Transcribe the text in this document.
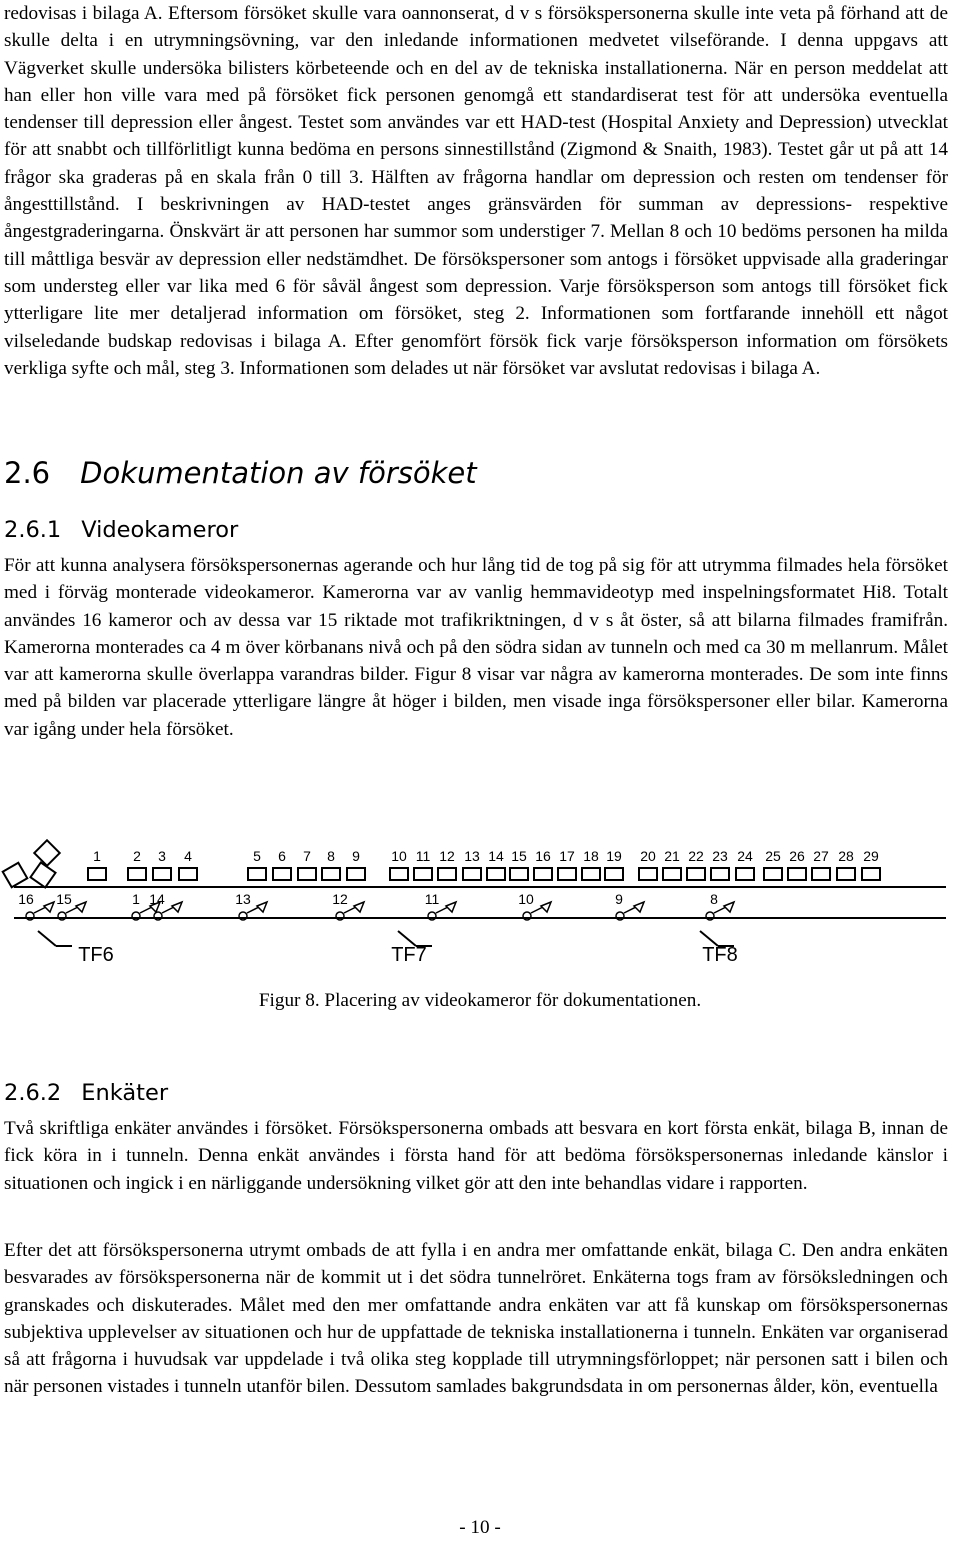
redovisas i bilaga A. Eftersom försöket skulle vara oannonserat, d v s försökspersonerna skulle inte veta på förhand att de skulle delta i en utrymningsövning, var den inledande informationen medvetet vilseförande. I denna uppgavs att Vägverket skulle undersöka bilisters körbeteende och en del av de tekniska installationerna. När en person meddelat att han eller hon ville vara med på försöket fick personen genomgå ett standardiserat test för att undersöka eventuella tendenser till depression eller ångest. Testet som användes var ett HAD-test (Hospital Anxiety and Depression) utvecklat för att snabbt och tillförlitligt kunna bedöma en persons sinnestillstånd (Zigmond & Snaith, 1983). Testet går ut på att 14 frågor ska graderas på en skala från 0 till 3. Hälften av frågorna handlar om depression och resten om tendenser för ångesttillstånd. I beskrivningen av HAD-testet anges gränsvärden för summan av depressions- respektive ångestgraderingarna. Önskvärt är att personen har summor som understiger 7. Mellan 8 och 10 bedöms personen ha milda till måttliga besvär av depression eller nedstämdhet. De försökspersoner som antogs i försöket uppvisade alla graderingar som understeg eller var lika med 6 för såväl ångest som depression. Varje försöksperson som antogs till försöket fick ytterligare lite mer detaljerad information om försöket, steg 2. Informationen som fortfarande innehöll ett något vilseledande budskap redovisas i bilaga A. Efter genomfört försök fick varje försöksperson information om försökets verkliga syfte och mål, steg 3. Informationen som delades ut när försöket var avslutat redovisas i bilaga A.

2.6 Dokumentation av försöket
2.6.1 Videokameror

För att kunna analysera försökspersonernas agerande och hur lång tid de tog på sig för att utrymma filmades hela försöket med i förväg monterade videokameror. Kamerorna var av vanlig hemmavideotyp med inspelningsformatet Hi8. Totalt användes 16 kameror och av dessa var 15 riktade mot trafikriktningen, d v s åt öster, så att bilarna filmades framifrån. Kamerorna monterades ca 4 m över körbanans nivå och på den södra sidan av tunneln och med ca 30 m mellanrum. Målet var att kamerorna skulle överlappa varandras bilder. Figur 8 visar var några av kamerorna monterades. De som inte finns med på bilden var placerade ytterligare längre åt höger i bilden, men visade inga försökspersoner eller bilar. Kamerorna var igång under hela försöket.

1 2 3 4	5 6 7 8 9 10 11 12 13 14 15 16 17 18 19 20 21 22 23 24 25 26 27 28 29
16 15	1 14	13	12	11	10	9	8
TF6	TF7	TF8

Figur 8. Placering av videokameror för dokumentationen.

2.6.2 Enkäter

Två skriftliga enkäter användes i försöket. Försökspersonerna ombads att besvara en kort första enkät, bilaga B, innan de fick köra in i tunneln. Denna enkät användes i första hand för att bedöma försökspersonernas inledande känslor i situationen och ingick i en närliggande undersökning vilket gör att den inte behandlas vidare i rapporten.

Efter det att försökspersonerna utrymt ombads de att fylla i en andra mer omfattande enkät, bilaga C. Den andra enkäten besvarades av försökspersonerna när de kommit ut i det södra tunnelröret. Enkäterna togs fram av försöksledningen och granskades och diskuterades. Målet med den mer omfattande andra enkäten var att få kunskap om försökspersonernas subjektiva upplevelser av situationen och hur de uppfattade de tekniska installationerna i tunneln. Enkäten var organiserad så att frågorna i huvudsak var uppdelade i två olika steg kopplade till utrymningsförloppet; när personen satt i bilen och när personen vistades i tunneln utanför bilen. Dessutom samlades bakgrundsdata in om personernas ålder, kön, eventuella

- 10 -
